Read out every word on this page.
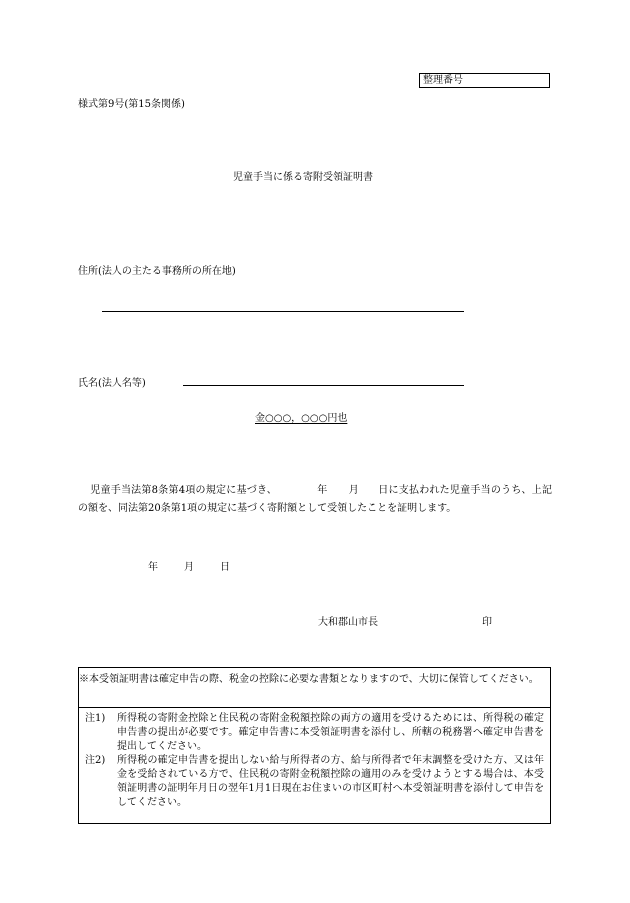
整理番号
様式第9号(第15条関係)
児童手当に係る寄附受領証明書
住所(法人の主たる事務所の所在地)
氏名(法人名等)
金○○○，○○○円也
児童手当法第8条第4項の規定に基づき、	年 月 日に支払われた児童手当のうち、上記の額を、同法第20条第1項の規定に基づく寄附額として受領したことを証明します。
年	月	日
大和郡山市長	印
※本受領証明書は確定申告の際、税金の控除に必要な書類となりますので、大切に保管してください。
注1)	所得税の寄附金控除と住民税の寄附金税額控除の両方の適用を受けるためには、所得税の確定申告書の提出が必要です。確定申告書に本受領証明書を添付し、所轄の税務署へ確定申告書を提出してください。
注2)	所得税の確定申告書を提出しない給与所得者の方、給与所得者で年末調整を受けた方、又は年金を受給されている方で、住民税の寄附金税額控除の適用のみを受けようとする場合は、本受領証明書の証明年月日の翌年1月1日現在お住まいの市区町村へ本受領証明書を添付して申告をしてください。
